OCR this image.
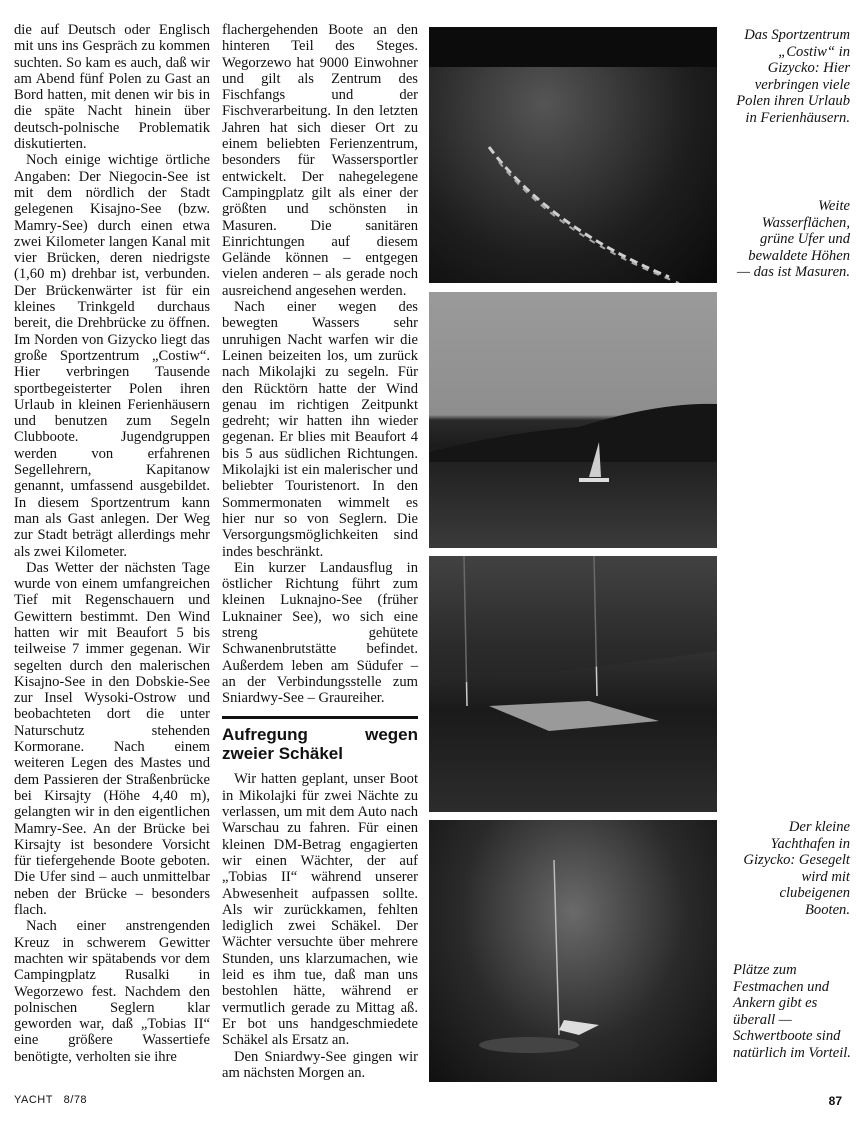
die auf Deutsch oder Englisch mit uns ins Gespräch zu kommen suchten. So kam es auch, daß wir am Abend fünf Polen zu Gast an Bord hatten, mit denen wir bis in die späte Nacht hinein über deutsch-polnische Problematik diskutierten.

Noch einige wichtige örtliche Angaben: Der Niegocin-See ist mit dem nördlich der Stadt gelegenen Kisajno-See (bzw. Mamry-See) durch einen etwa zwei Kilometer langen Kanal mit vier Brücken, deren niedrigste (1,60 m) drehbar ist, verbunden. Der Brückenwärter ist für ein kleines Trinkgeld durchaus bereit, die Drehbrücke zu öffnen. Im Norden von Gizycko liegt das große Sportzentrum „Costiw“. Hier verbringen Tausende sportbegeisterter Polen ihren Urlaub in kleinen Ferienhäusern und benutzen zum Segeln Clubboote. Jugendgruppen werden von erfahrenen Segellehrern, Kapitanow genannt, umfassend ausgebildet. In diesem Sportzentrum kann man als Gast anlegen. Der Weg zur Stadt beträgt allerdings mehr als zwei Kilometer.

Das Wetter der nächsten Tage wurde von einem umfangreichen Tief mit Regenschauern und Gewittern bestimmt. Den Wind hatten wir mit Beaufort 5 bis teilweise 7 immer gegenan. Wir segelten durch den malerischen Kisajno-See in den Dobskie-See zur Insel Wysoki-Ostrow und beobachteten dort die unter Naturschutz stehenden Kormorane. Nach einem weiteren Legen des Mastes und dem Passieren der Straßenbrücke bei Kirsajty (Höhe 4,40 m), gelangten wir in den eigentlichen Mamry-See. An der Brücke bei Kirsajty ist besondere Vorsicht für tiefergehende Boote geboten. Die Ufer sind – auch unmittelbar neben der Brücke – besonders flach.

Nach einer anstrengenden Kreuz in schwerem Gewitter machten wir spätabends vor dem Campingplatz Rusalki in Wegorzewo fest. Nachdem den polnischen Seglern klar geworden war, daß „Tobias II“ eine größere Wassertiefe benötigte, verholten sie ihre

flachergehenden Boote an den hinteren Teil des Steges. Wegorzewo hat 9000 Einwohner und gilt als Zentrum des Fischfangs und der Fischverarbeitung. In den letzten Jahren hat sich dieser Ort zu einem beliebten Ferienzentrum, besonders für Wassersportler entwickelt. Der nahegelegene Campingplatz gilt als einer der größten und schönsten in Masuren. Die sanitären Einrichtungen auf diesem Gelände können – entgegen vielen anderen – als gerade noch ausreichend angesehen werden.

Nach einer wegen des bewegten Wassers sehr unruhigen Nacht warfen wir die Leinen beizeiten los, um zurück nach Mikolajki zu segeln. Für den Rücktörn hatte der Wind genau im richtigen Zeitpunkt gedreht; wir hatten ihn wieder gegenan. Er blies mit Beaufort 4 bis 5 aus südlichen Richtungen. Mikolajki ist ein malerischer und beliebter Touristenort. In den Sommermonaten wimmelt es hier nur so von Seglern. Die Versorgungsmöglichkeiten sind indes beschränkt.

Ein kurzer Landausflug in östlicher Richtung führt zum kleinen Luknajno-See (früher Luknainer See), wo sich eine streng gehütete Schwanenbrutstätte befindet. Außerdem leben am Südufer – an der Verbindungsstelle zum Sniardwy-See – Graureiher.

Aufregung wegen zweier Schäkel

Wir hatten geplant, unser Boot in Mikolajki für zwei Nächte zu verlassen, um mit dem Auto nach Warschau zu fahren. Für einen kleinen DM-Betrag engagierten wir einen Wächter, der auf „Tobias II“ während unserer Abwesenheit aufpassen sollte. Als wir zurückkamen, fehlten lediglich zwei Schäkel. Der Wächter versuchte über mehrere Stunden, uns klarzumachen, wie leid es ihm tue, daß man uns bestohlen hätte, während er vermutlich gerade zu Mittag aß. Er bot uns handgeschmiedete Schäkel als Ersatz an.

Den Sniardwy-See gingen wir am nächsten Morgen an.

Das Sportzentrum „Costiw“ in Gizycko: Hier verbringen viele Polen ihren Urlaub in Ferienhäusern.
Weite Wasserflächen, grüne Ufer und bewaldete Höhen — das ist Masuren.
Der kleine Yachthafen in Gizycko: Gesegelt wird mit clubeigenen Booten.
Plätze zum Festmachen und Ankern gibt es überall — Schwertboote sind natürlich im Vorteil.
YACHT 8/78	87
